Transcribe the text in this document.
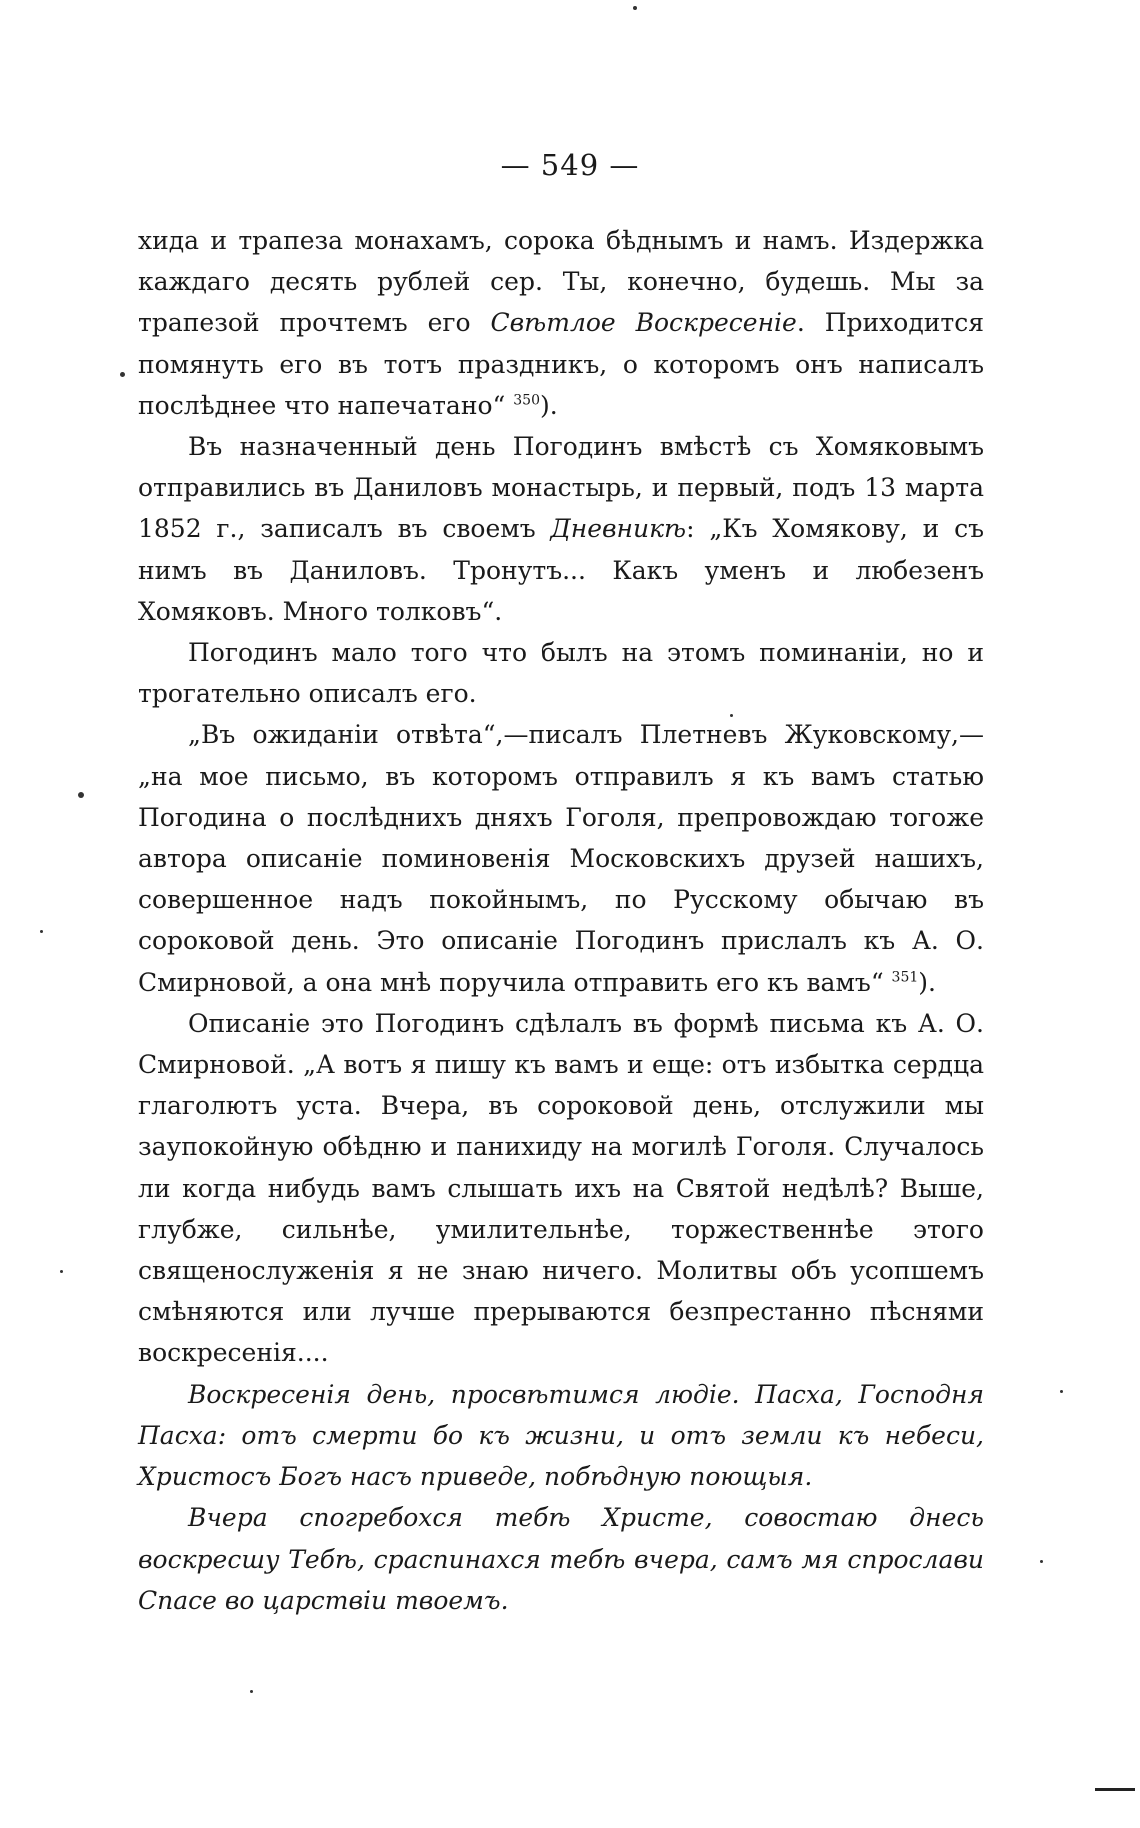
— 549 —

хида и трапеза монахамъ, сорока бѣднымъ и намъ. Издержка каждаго десять рублей сер. Ты, конечно, будешь. Мы за трапезой прочтемъ его Свѣтлое Воскресеніе. Приходится помянуть его въ тотъ праздникъ, о которомъ онъ написалъ послѣднее что напечатано“ $^{350}$).

Въ назначенный день Погодинъ вмѣстѣ съ Хомяковымъ отправились въ Даниловъ монастырь, и первый, подъ 13 марта 1852 г., записалъ въ своемъ Дневникѣ: „Къ Хомякову, и съ нимъ въ Даниловъ. Тронутъ... Какъ уменъ и любезенъ Хомяковъ. Много толковъ“.

Погодинъ мало того что былъ на этомъ поминаніи, но и трогательно описалъ его.

„Въ ожиданіи отвѣта“,—писалъ Плетневъ Жуковскому,— „на мое письмо, въ которомъ отправилъ я къ вамъ статью Погодина о послѣднихъ дняхъ Гоголя, препровождаю тогоже автора описаніе поминовенія Московскихъ друзей нашихъ, совершенное надъ покойнымъ, по Русскому обычаю въ сороковой день. Это описаніе Погодинъ прислалъ къ А. О. Смирновой, а она мнѣ поручила отправить его къ вамъ“ $^{351}$).

Описаніе это Погодинъ сдѣлалъ въ формѣ письма къ А. О. Смирновой. „А вотъ я пишу къ вамъ и еще: отъ избытка сердца глаголютъ уста. Вчера, въ сороковой день, отслужили мы заупокойную обѣдню и панихиду на могилѣ Гоголя. Случалось ли когда нибудь вамъ слышать ихъ на Святой недѣлѣ? Выше, глубже, сильнѣе, умилительнѣе, торжественнѣе этого священослуженія я не знаю ничего. Молитвы объ усопшемъ смѣняются или лучше прерываются безпрестанно пѣснями воскресенія....

Воскресенія день, просвѣтимся людіе. Пасха, Господня Пасха: отъ смерти бо къ жизни, и отъ земли къ небеси, Христосъ Богъ насъ приведе, побѣдную поющыя.

Вчера спогребохся тебѣ Христе, совостаю днесь воскресшу Тебѣ, сраспинахся тебѣ вчера, самъ мя спрослави Спасе во царствіи твоемъ.
